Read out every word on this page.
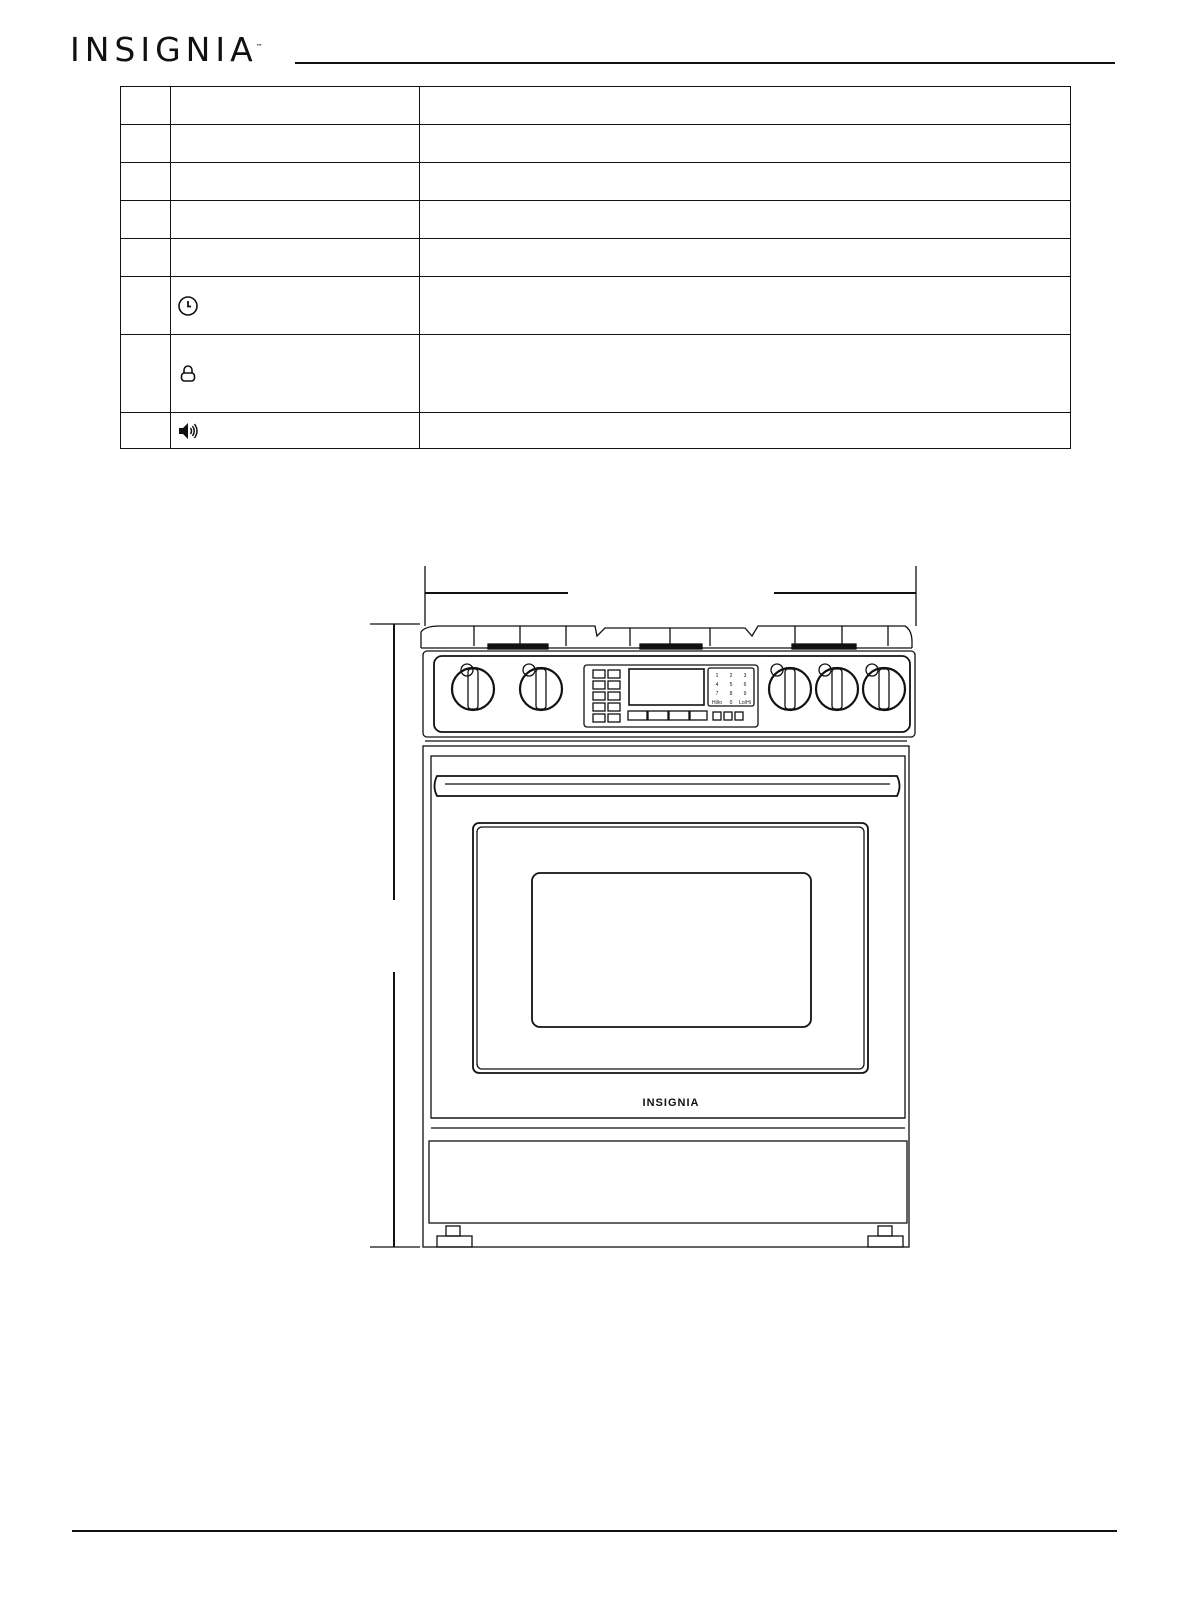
INSIGNIA™

1 2 3
4 5 6
7 8 9
Hi/lo 0 Lo/Hi
INSIGNIA
